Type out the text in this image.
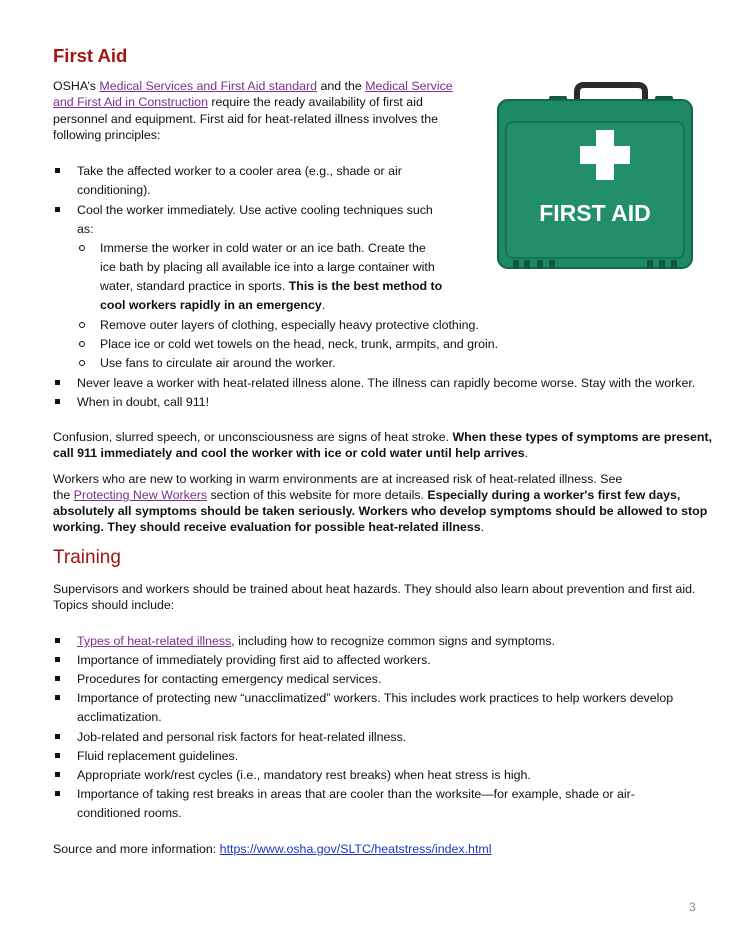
First Aid
OSHA’s Medical Services and First Aid standard and the Medical Service
and First Aid in Construction require the ready availability of first aid
personnel and equipment. First aid for heat-related illness involves the
following principles:
FIRST AID
Take the affected worker to a cooler area (e.g., shade or air
conditioning).
Cool the worker immediately. Use active cooling techniques such
as:
Immerse the worker in cold water or an ice bath. Create the
ice bath by placing all available ice into a large container with
water, standard practice in sports. This is the best method to
cool workers rapidly in an emergency.
Remove outer layers of clothing, especially heavy protective clothing.
Place ice or cold wet towels on the head, neck, trunk, armpits, and groin.
Use fans to circulate air around the worker.
Never leave a worker with heat-related illness alone. The illness can rapidly become worse. Stay with the worker.
When in doubt, call 911!
Confusion, slurred speech, or unconsciousness are signs of heat stroke. When these types of symptoms are present,
call 911 immediately and cool the worker with ice or cold water until help arrives.
Workers who are new to working in warm environments are at increased risk of heat-related illness. See
the Protecting New Workers section of this website for more details. Especially during a worker's first few days,
absolutely all symptoms should be taken seriously. Workers who develop symptoms should be allowed to stop
working. They should receive evaluation for possible heat-related illness.
Training
Supervisors and workers should be trained about heat hazards. They should also learn about prevention and first aid.
Topics should include:
Types of heat-related illness, including how to recognize common signs and symptoms.
Importance of immediately providing first aid to affected workers.
Procedures for contacting emergency medical services.
Importance of protecting new “unacclimatized” workers. This includes work practices to help workers develop
acclimatization.
Job-related and personal risk factors for heat-related illness.
Fluid replacement guidelines.
Appropriate work/rest cycles (i.e., mandatory rest breaks) when heat stress is high.
Importance of taking rest breaks in areas that are cooler than the worksite—for example, shade or air-
conditioned rooms.
Source and more information: https://www.osha.gov/SLTC/heatstress/index.html
3
